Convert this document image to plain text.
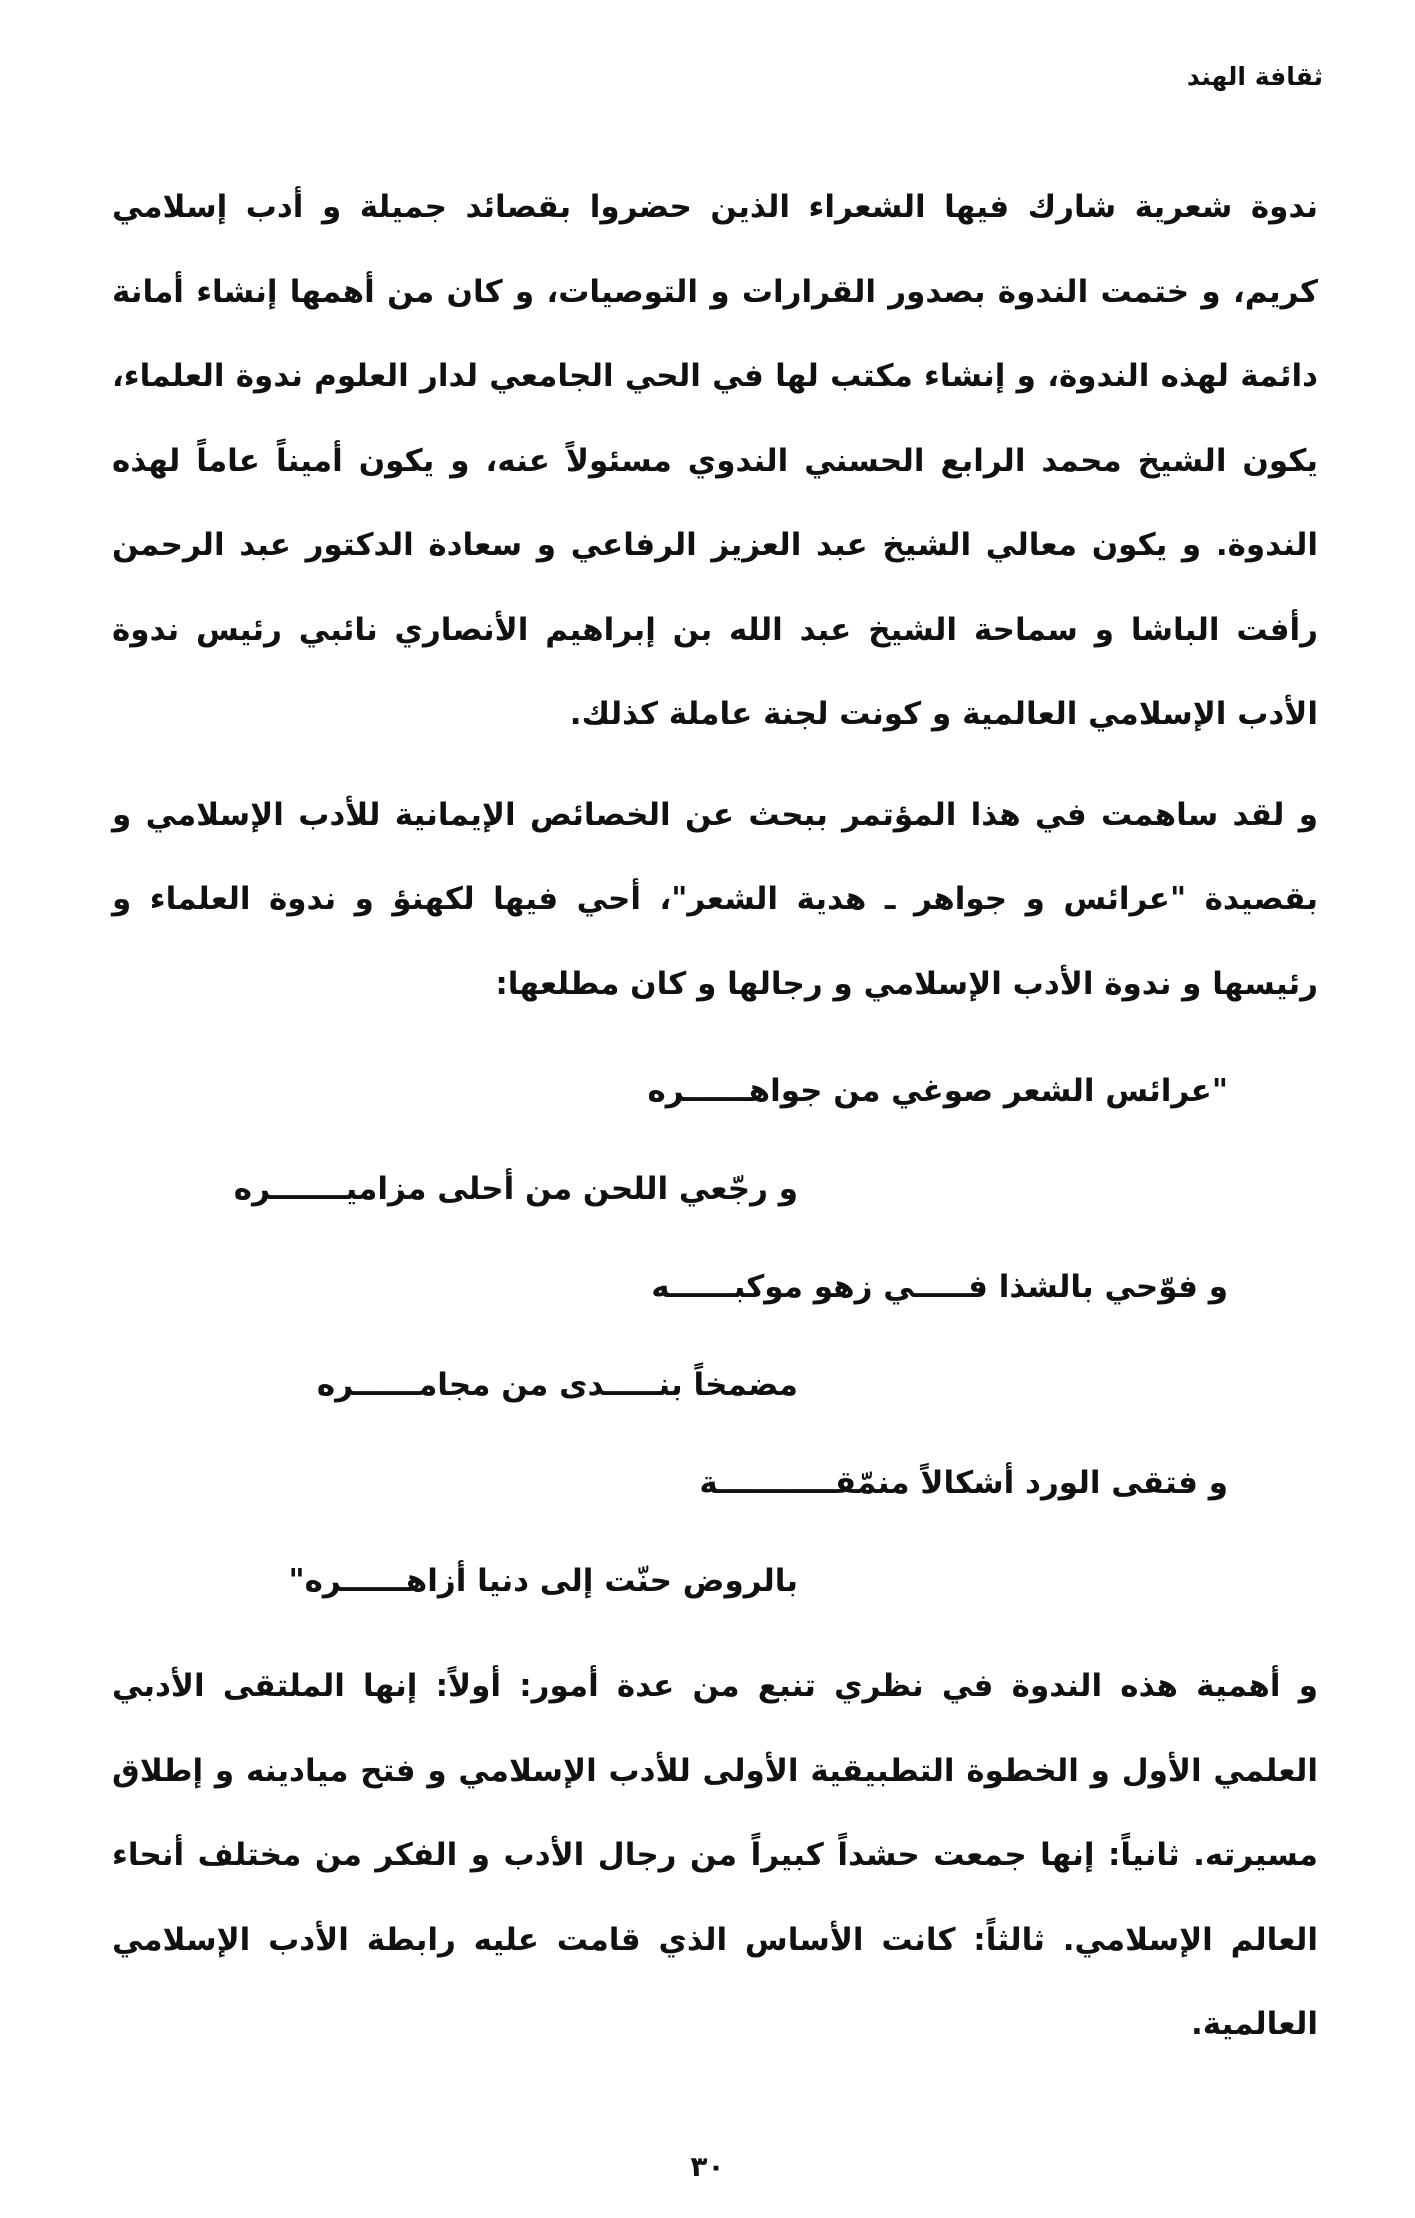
ثقافة الهند

ندوة شعرية شارك فيها الشعراء الذين حضروا بقصائد جميلة و أدب إسلامي كريم، و ختمت الندوة بصدور القرارات و التوصيات، و كان من أهمها إنشاء أمانة دائمة لهذه الندوة، و إنشاء مكتب لها في الحي الجامعي لدار العلوم ندوة العلماء، يكون الشيخ محمد الرابع الحسني الندوي مسئولاً عنه، و يكون أميناً عاماً لهذه الندوة. و يكون معالي الشيخ عبد العزيز الرفاعي و سعادة الدكتور عبد الرحمن رأفت الباشا و سماحة الشيخ عبد الله بن إبراهيم الأنصاري نائبي رئيس ندوة الأدب الإسلامي العالمية و كونت لجنة عاملة كذلك.

و لقد ساهمت في هذا المؤتمر ببحث عن الخصائص الإيمانية للأدب الإسلامي و بقصيدة "عرائس و جواهر ـ هدية الشعر"، أحي فيها لكهنؤ و ندوة العلماء و رئيسها و ندوة الأدب الإسلامي و رجالها و كان مطلعها:

"عرائس الشعر صوغي من جواهــــــره
و رجّعي اللحن من أحلى مزاميـــــــره
و فوّحي بالشذا فـــــي زهو موكبــــــه
مضمخاً بنـــــدى من مجامــــــره
و فتقى الورد أشكالاً منمّقـــــــــــة
بالروض حنّت إلى دنيا أزاهــــــره"

و أهمية هذه الندوة في نظري تنبع من عدة أمور: أولاً: إنها الملتقى الأدبي العلمي الأول و الخطوة التطبيقية الأولى للأدب الإسلامي و فتح ميادينه و إطلاق مسيرته. ثانياً: إنها جمعت حشداً كبيراً من رجال الأدب و الفكر من مختلف أنحاء العالم الإسلامي. ثالثاً: كانت الأساس الذي قامت عليه رابطة الأدب الإسلامي العالمية.

٣٠
